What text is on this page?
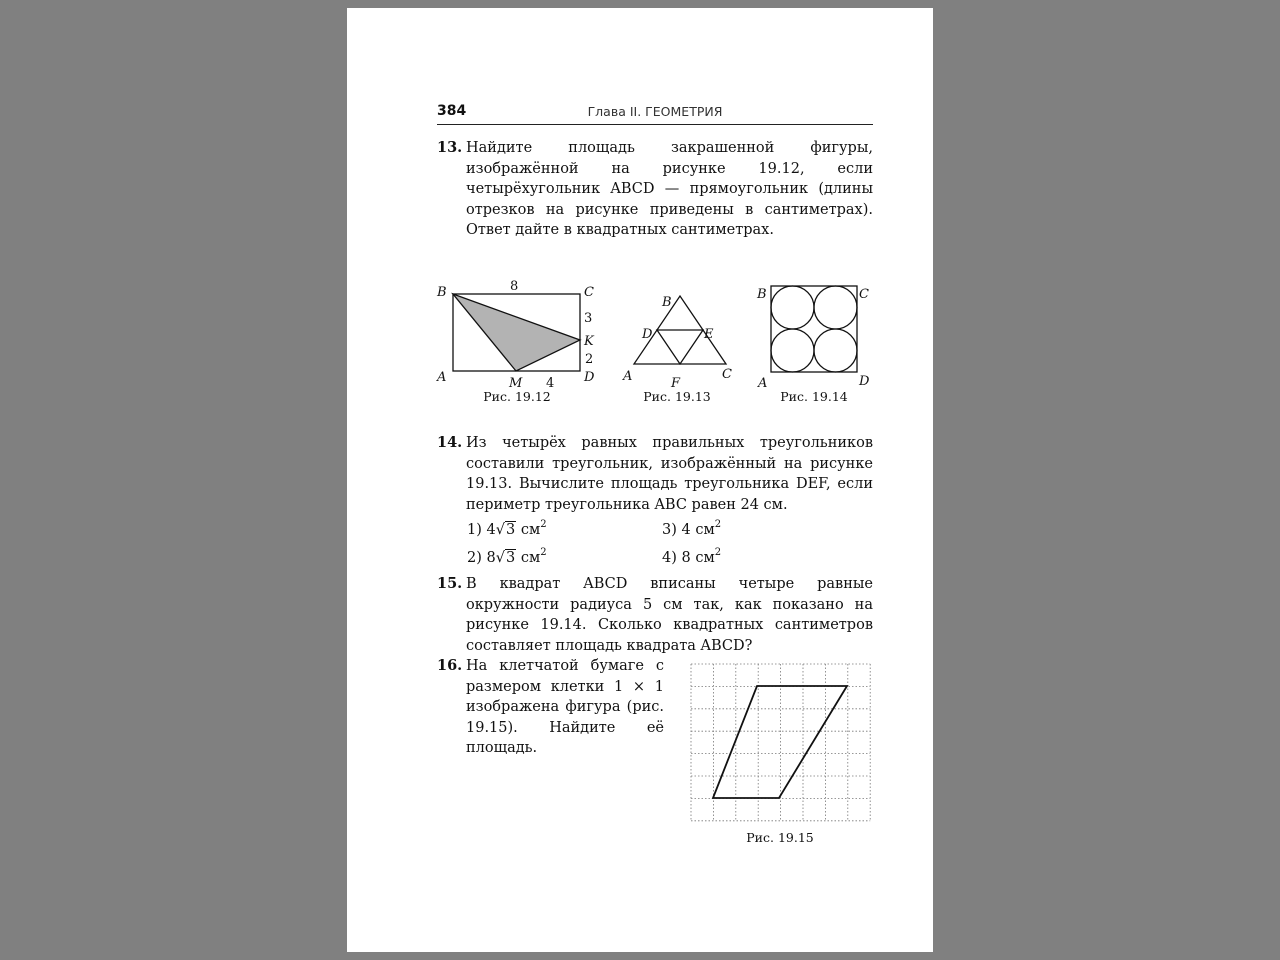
384	Глава II. ГЕОМЕТРИЯ
13. Найдите площадь закрашенной фигуры, изображённой на рисунке 19.12, если четырёхугольник ABCD — прямоугольник (длины отрезков на рисунке приведены в сантиметрах). Ответ дайте в квадратных сантиметрах.
B	C
A	D
K
M
8
3
2
4
Рис. 19.12
B
D	E
A	F
C
Рис. 19.13
B	C
A	D
Рис. 19.14
14. Из четырёх равных правильных треугольников составили треугольник, изображённый на рисунке 19.13. Вычислите площадь треугольника DEF, если периметр треугольника ABC равен 24 см.
1) 4√3 $см^2$
2) 8√3 $см^2$
3) 4 $см^2$
4) 8 $см^2$
15. В квадрат ABCD вписаны четыре равные окружности радиуса 5 см так, как показано на рисунке 19.14. Сколько квадратных сантиметров составляет площадь квадрата ABCD?
16. На клетчатой бумаге с размером клетки 1 × 1 изображена фигура (рис. 19.15). Найдите её площадь.
Рис. 19.15
